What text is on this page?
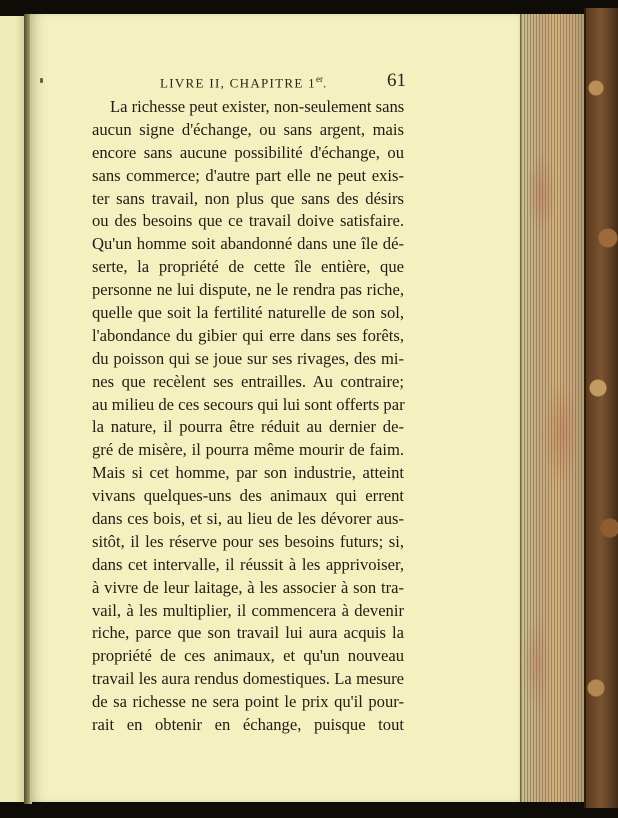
LIVRE II, CHAPITRE 1er.	61
La richesse peut exister, non-seulement sans
aucun signe d'échange, ou sans argent, mais
encore sans aucune possibilité d'échange, ou
sans commerce; d'autre part elle ne peut exis-
ter sans travail, non plus que sans des désirs
ou des besoins que ce travail doive satisfaire.
Qu'un homme soit abandonné dans une île dé-
serte, la propriété de cette île entière, que
personne ne lui dispute, ne le rendra pas riche,
quelle que soit la fertilité naturelle de son sol,
l'abondance du gibier qui erre dans ses forêts,
du poisson qui se joue sur ses rivages, des mi-
nes que recèlent ses entrailles. Au contraire;
au milieu de ces secours qui lui sont offerts par
la nature, il pourra être réduit au dernier de-
gré de misère, il pourra même mourir de faim.
Mais si cet homme, par son industrie, atteint
vivans quelques-uns des animaux qui errent
dans ces bois, et si, au lieu de les dévorer aus-
sitôt, il les réserve pour ses besoins futurs; si,
dans cet intervalle, il réussit à les apprivoiser,
à vivre de leur laitage, à les associer à son tra-
vail, à les multiplier, il commencera à devenir
riche, parce que son travail lui aura acquis la
propriété de ces animaux, et qu'un nouveau
travail les aura rendus domestiques. La mesure
de sa richesse ne sera point le prix qu'il pour-
rait en obtenir en échange, puisque tout
